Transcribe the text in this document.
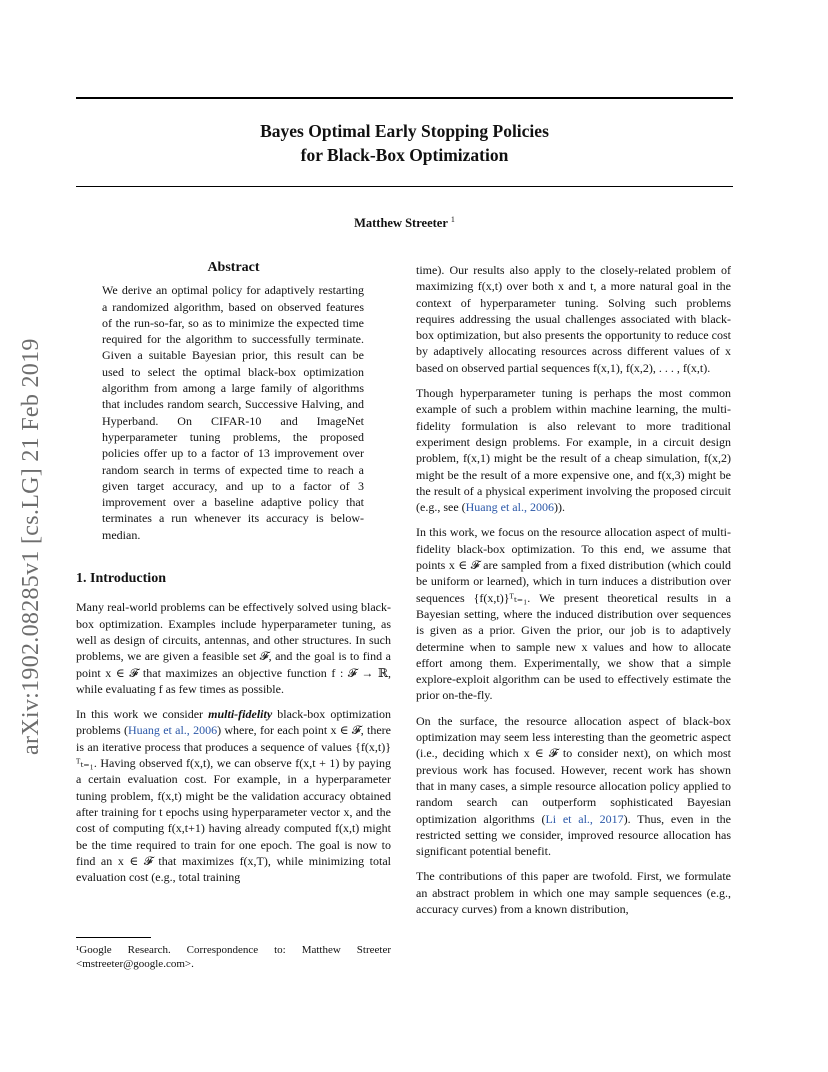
Bayes Optimal Early Stopping Policies
for Black-Box Optimization
Matthew Streeter $^1$
arXiv:1902.08285v1 [cs.LG] 21 Feb 2019
Abstract

We derive an optimal policy for adaptively restarting a randomized algorithm, based on observed features of the run-so-far, so as to minimize the expected time required for the algorithm to successfully terminate. Given a suitable Bayesian prior, this result can be used to select the optimal black-box optimization algorithm from among a large family of algorithms that includes random search, Successive Halving, and Hyperband. On CIFAR-10 and ImageNet hyperparameter tuning problems, the proposed policies offer up to a factor of 13 improvement over random search in terms of expected time to reach a given target accuracy, and up to a factor of 3 improvement over a baseline adaptive policy that terminates a run whenever its accuracy is below-median.

1. Introduction

Many real-world problems can be effectively solved using black-box optimization. Examples include hyperparameter tuning, as well as design of circuits, antennas, and other structures. In such problems, we are given a feasible set 𝓕, and the goal is to find a point x ∈ 𝓕 that maximizes an objective function f : 𝓕 → ℝ, while evaluating f as few times as possible.

In this work we consider multi-fidelity black-box optimization problems (Huang et al., 2006) where, for each point x ∈ 𝓕, there is an iterative process that produces a sequence of values {f(x,t)}ᵀₜ₌₁. Having observed f(x,t), we can observe f(x,t + 1) by paying a certain evaluation cost. For example, in a hyperparameter tuning problem, f(x,t) might be the validation accuracy obtained after training for t epochs using hyperparameter vector x, and the cost of computing f(x,t+1) having already computed f(x,t) might be the time required to train for one epoch. The goal is now to find an x ∈ 𝓕 that maximizes f(x,T), while minimizing total evaluation cost (e.g., total training

time). Our results also apply to the closely-related problem of maximizing f(x,t) over both x and t, a more natural goal in the context of hyperparameter tuning. Solving such problems requires addressing the usual challenges associated with black-box optimization, but also presents the opportunity to reduce cost by adaptively allocating resources across different values of x based on observed partial sequences f(x,1), f(x,2), . . . , f(x,t).

Though hyperparameter tuning is perhaps the most common example of such a problem within machine learning, the multi-fidelity formulation is also relevant to more traditional experiment design problems. For example, in a circuit design problem, f(x,1) might be the result of a cheap simulation, f(x,2) might be the result of a more expensive one, and f(x,3) might be the result of a physical experiment involving the proposed circuit (e.g., see (Huang et al., 2006)).

In this work, we focus on the resource allocation aspect of multi-fidelity black-box optimization. To this end, we assume that points x ∈ 𝓕 are sampled from a fixed distribution (which could be uniform or learned), which in turn induces a distribution over sequences {f(x,t)}ᵀₜ₌₁. We present theoretical results in a Bayesian setting, where the induced distribution over sequences is given as a prior. Given the prior, our job is to adaptively determine when to sample new x values and how to allocate effort among them. Experimentally, we show that a simple explore-exploit algorithm can be used to effectively estimate the prior on-the-fly.

On the surface, the resource allocation aspect of black-box optimization may seem less interesting than the geometric aspect (i.e., deciding which x ∈ 𝓕 to consider next), on which most previous work has focused. However, recent work has shown that in many cases, a simple resource allocation policy applied to random search can outperform sophisticated Bayesian optimization algorithms (Li et al., 2017). Thus, even in the restricted setting we consider, improved resource allocation has significant potential benefit.

The contributions of this paper are twofold. First, we formulate an abstract problem in which one may sample sequences (e.g., accuracy curves) from a known distribution,

¹Google Research. Correspondence to: Matthew Streeter <mstreeter@google.com>.
